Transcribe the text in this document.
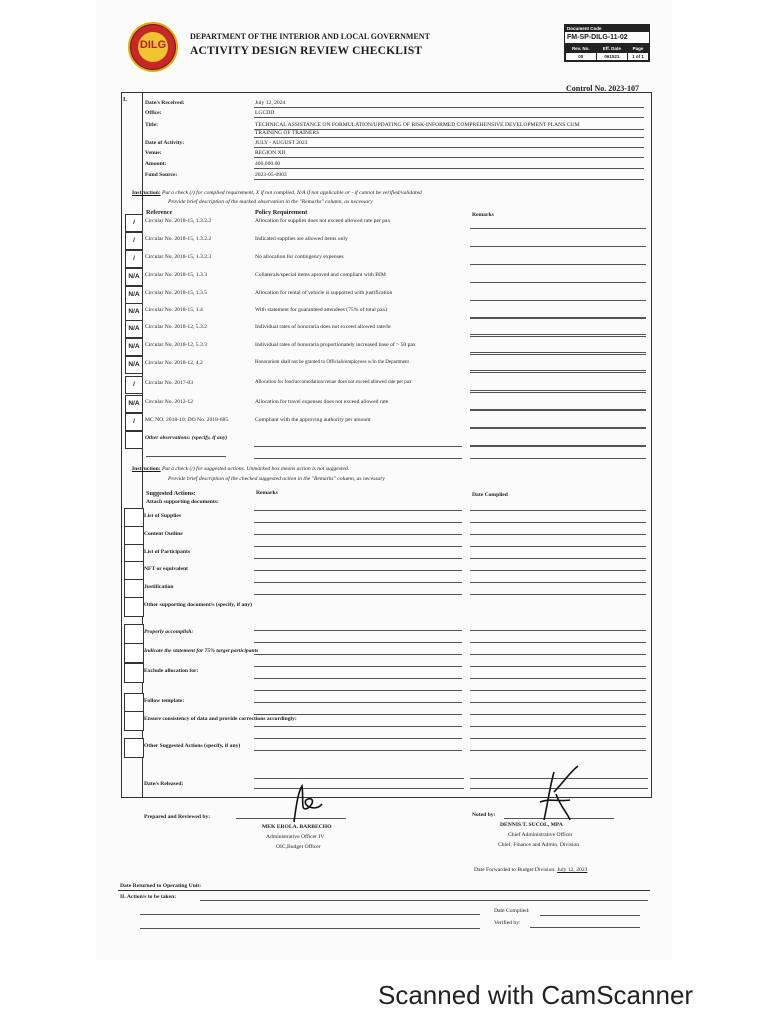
DILG
DEPARTMENT OF THE INTERIOR AND LOCAL GOVERNMENT
ACTIVITY DESIGN REVIEW CHECKLIST
Document Code
FM-SP-DILG-11-02
Rev. No.	Eff. Date	Page
00	061521	1 of 1
Control No. 2023-107
I.	Date/s Received:	July 12, 2024
Office:	LGCDD
Title:	TECHNICAL ASSISTANCE ON FORMULATION/UPDATING OF RISK-INFORMED COMPREHENSIVE DEVELOPMENT PLANS CUM
TRAINING OF TRAINERS
Date of Activity:	JULY - AUGUST 2023
Venue:	REGION XII
Amount:	400,000.00
Fund Source:	2023-05-0903
Instruction: Put a check (/) for complied requirement, X if not complied, N/A if not applicable or - if cannot be verified/validated
Provide brief description of the marked observation in the "Remarks" column, as necessary
Reference	Policy Requirement	Remarks
/	Circular No. 2018-15, 1.3.2.2	Allocation for supplies does not exceed allowed rate per pax
/	Circular No. 2018-15, 1.3.2.2	Indicated supplies are allowed items only
/	Circular No. 2018-15, 1.3.2.3	No allocation for contingency expenses
N/A Circular No. 2018-15, 1.3.3	Collaterals/special items aproved and compliant with BIM
N/A Circular No. 2018-15, 1.3.5	Allocation for rental of vehicle is supported with justification
N/A Circular No. 2018-15, 1.4	With statement for guaranteed attendees (75% of total pax)
N/A Circular No. 2018-12, 5.3.2	Individual rates of honoraria does not exceed allowed rate/hr
N/A Circular No. 2018-12, 5.3.3	Individual rates of honoraria proportionately increased base of > 50 pax
N/A Circular No. 2018-12, 4.2	Honorarium shall not be granted to Officials/employees w/in the Department
/	Circular No. 2017-03	Allocation for food/accomodation/venue does not exceed allowed rate per pax
N/A Circular No. 2012-12	Allocation for travel expenses does not exceed allowed rate
/	MC NO. 2018-10; DO No. 2018-685	Compliant with the approving authority per amount
Other observations: (specify, if any)
Instruction: Put a check (/) for suggested actions. Unmarked box means action is not suggested.
Provide brief description of the checked suggested action in the "Remarks" column, as necessary
Suggested Actions:
Attach supporting documents:
Remarks	Date Complied
List of Supplies
Content Outline
List of Participants
NFT or equivalent
Justification
Other supporting document/s (specify, if any)
Properly accomplish:
Indicate the statement for 75% target participants
Exclude allocation for:
Follow template:
Ensure consistency of data and provide corrections accordingly:
Other Suggested Actions (specify, if any)
Date/s Released:
Prepared and Reviewed by:
MEK EROLA. BARBECHO
Administrative Officer IV
OIC,Budget Officer
Noted by:
DENNIS T. SUCOL, MPA
Chief Administrative Officer
Chief, Finance and Admin. Division
Date Forwarded to Budget Division: July 12, 2023
Date Returned to Operating Unit:
II. Action/s to be taken:
Date Complied:
Verified by:
Scanned with CamScanner
